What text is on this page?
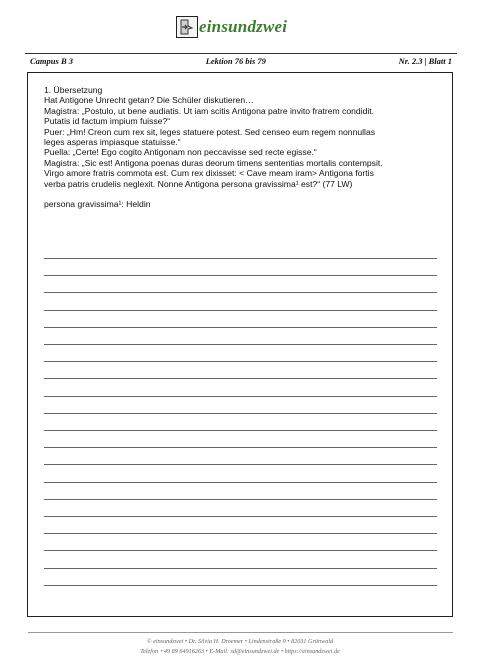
einsundzwei
Campus B 3	Lektion 76 bis 79	Nr. 2.3 | Blatt 1

1. Übersetzung

Hat Antigone Unrecht getan? Die Schüler diskutieren…

Magistra: „Postulo, ut bene audiatis. Ut iam scitis Antigona patre invito fratrem condidit.

Putatis id factum impium fuisse?“

Puer: „Hm! Creon cum rex sit, leges statuere potest. Sed censeo eum regem nonnullas

leges asperas impiasque statuisse.“

Puella: „Certe! Ego cogito Antigonam non peccavisse sed recte egisse.“

Magistra: „Sic est! Antigona poenas duras deorum timens sententias mortalis contempsit.

Virgo amore fratris commota est. Cum rex dixisset: < Cave meam iram> Antigona fortis

verba patris crudelis neglexit. Nonne Antigona persona gravissima¹ est?“ (77 LW)

persona gravissima¹: Heldin

© einsundzwei • Dr. Silvia H. Droemer • Lindenstraße 9 • 82031 Grünwald
Telefon +49 89 64916263 • E-Mail: sd@einsundzwei.de • https://einsundzwei.de
